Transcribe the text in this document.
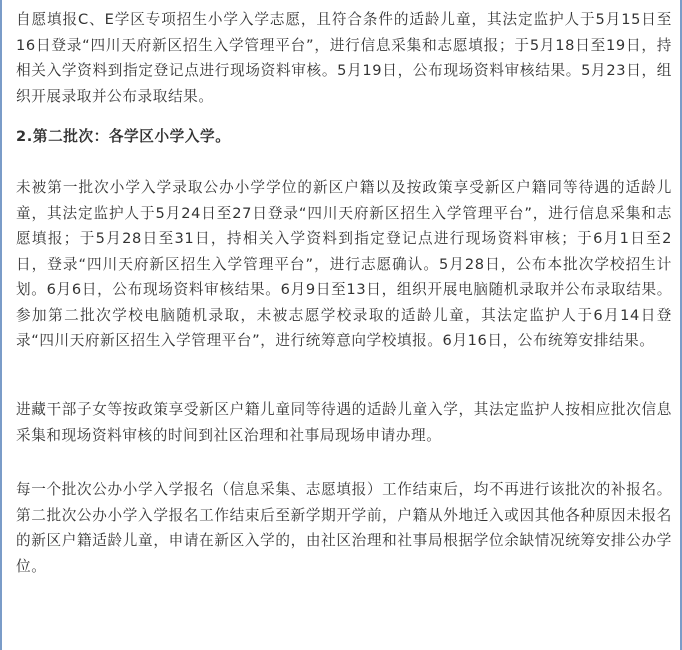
自愿填报C、E学区专项招生小学入学志愿，且符合条件的适龄儿童，其法定监护人于5月15日至16日登录“四川天府新区招生入学管理平台”，进行信息采集和志愿填报；于5月18日至19日，持相关入学资料到指定登记点进行现场资料审核。5月19日，公布现场资料审核结果。5月23日，组织开展录取并公布录取结果。

2.第二批次：各学区小学入学。

未被第一批次小学入学录取公办小学学位的新区户籍以及按政策享受新区户籍同等待遇的适龄儿童，其法定监护人于5月24日至27日登录“四川天府新区招生入学管理平台”，进行信息采集和志愿填报；于5月28日至31日，持相关入学资料到指定登记点进行现场资料审核；于6月1日至2日，登录“四川天府新区招生入学管理平台”，进行志愿确认。5月28日，公布本批次学校招生计划。6月6日，公布现场资料审核结果。6月9日至13日，组织开展电脑随机录取并公布录取结果。参加第二批次学校电脑随机录取，未被志愿学校录取的适龄儿童，其法定监护人于6月14日登录“四川天府新区招生入学管理平台”，进行统筹意向学校填报。6月16日，公布统筹安排结果。

进藏干部子女等按政策享受新区户籍儿童同等待遇的适龄儿童入学，其法定监护人按相应批次信息采集和现场资料审核的时间到社区治理和社事局现场申请办理。

每一个批次公办小学入学报名（信息采集、志愿填报）工作结束后，均不再进行该批次的补报名。第二批次公办小学入学报名工作结束后至新学期开学前，户籍从外地迁入或因其他各种原因未报名的新区户籍适龄儿童，申请在新区入学的，由社区治理和社事局根据学位余缺情况统筹安排公办学位。
